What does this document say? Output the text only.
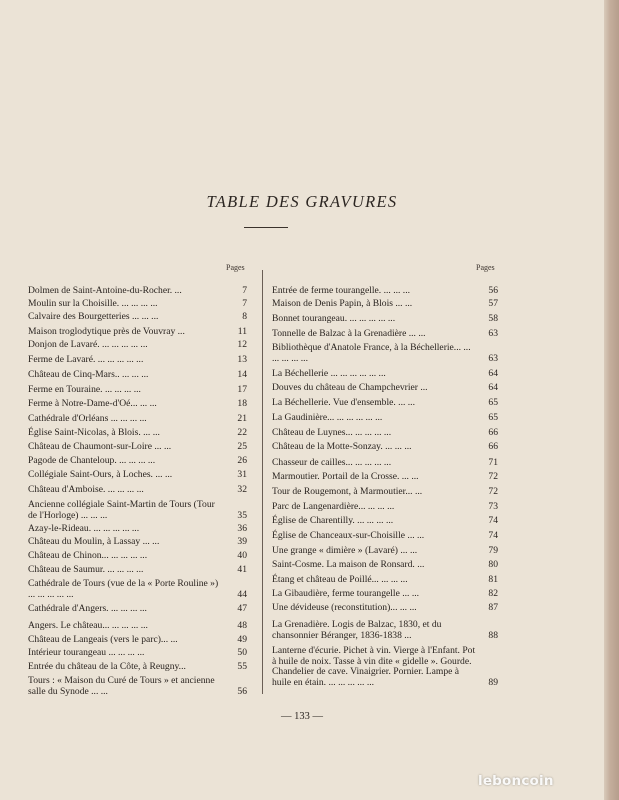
TABLE DES GRAVURES
Pages	Pages
Dolmen de Saint-Antoine-du-Rocher. ...	7
Moulin sur la Choisille. ... ... ... ...	7
Calvaire des Bourgetteries ... ... ...	8
Maison troglodytique près de Vouvray ...	11
Donjon de Lavaré. ... ... ... ... ...	12
Ferme de Lavaré. ... ... ... ... ...	13
Château de Cinq-Mars.. ... ... ...	14
Ferme en Touraine. ... ... ... ...	17
Ferme à Notre-Dame-d'Oé... ... ...	18
Cathédrale d'Orléans ... ... ... ...	21
Église Saint-Nicolas, à Blois. ... ...	22
Château de Chaumont-sur-Loire ... ...	25
Pagode de Chanteloup. ... ... ... ...	26
Collégiale Saint-Ours, à Loches. ... ...	31
Château d'Amboise. ... ... ... ...	32
Ancienne collégiale Saint-Martin de Tours (Tour de l'Horloge) ... ... ...	35
Azay-le-Rideau. ... ... ... ... ...	36
Château du Moulin, à Lassay ... ...	39
Château de Chinon... ... ... ... ...	40
Château de Saumur. ... ... ... ...	41
Cathédrale de Tours (vue de la « Porte Rouline ») ... ... ... ... ...	44
Cathédrale d'Angers. ... ... ... ...	47
Angers. Le château... ... ... ... ...	48
Château de Langeais (vers le parc)... ...	49
Intérieur tourangeau ... ... ... ...	50
Entrée du château de la Côte, à Reugny...	55
Tours : « Maison du Curé de Tours » et ancienne salle du Synode ... ...	56
Entrée de ferme tourangelle. ... ... ...	56
Maison de Denis Papin, à Blois ... ...	57
Bonnet tourangeau. ... ... ... ... ...	58
Tonnelle de Balzac à la Grenadière ... ...	63
Bibliothèque d'Anatole France, à la Béchellerie... ... ... ... ... ...	63
La Béchellerie ... ... ... ... ... ...	64
Douves du château de Champchevrier ...	64
La Béchellerie. Vue d'ensemble. ... ...	65
La Gaudinière... ... ... ... ... ...	65
Château de Luynes... ... ... ... ...	66
Château de la Motte-Sonzay. ... ... ...	66
Chasseur de cailles... ... ... ... ...	71
Marmoutier. Portail de la Crosse. ... ...	72
Tour de Rougemont, à Marmoutier... ...	72
Parc de Langenardière... ... ... ...	73
Église de Charentilly. ... ... ... ...	74
Église de Chanceaux-sur-Choisille ... ...	74
Une grange « dimière » (Lavaré) ... ...	79
Saint-Cosme. La maison de Ronsard. ...	80
Étang et château de Poillé... ... ... ...	81
La Gibaudière, ferme tourangelle ... ...	82
Une dévideuse (reconstitution)... ... ...	87
La Grenadière. Logis de Balzac, 1830, et du chansonnier Béranger, 1836-1838 ...	88
Lanterne d'écurie. Pichet à vin. Vierge à l'Enfant. Pot à huile de noix. Tasse à vin dite « gidelle ». Gourde. Chandelier de cave. Vinaigrier. Pornier. Lampe à huile en étain. ... ... ... ... ...	89
— 133 —
leboncoin
